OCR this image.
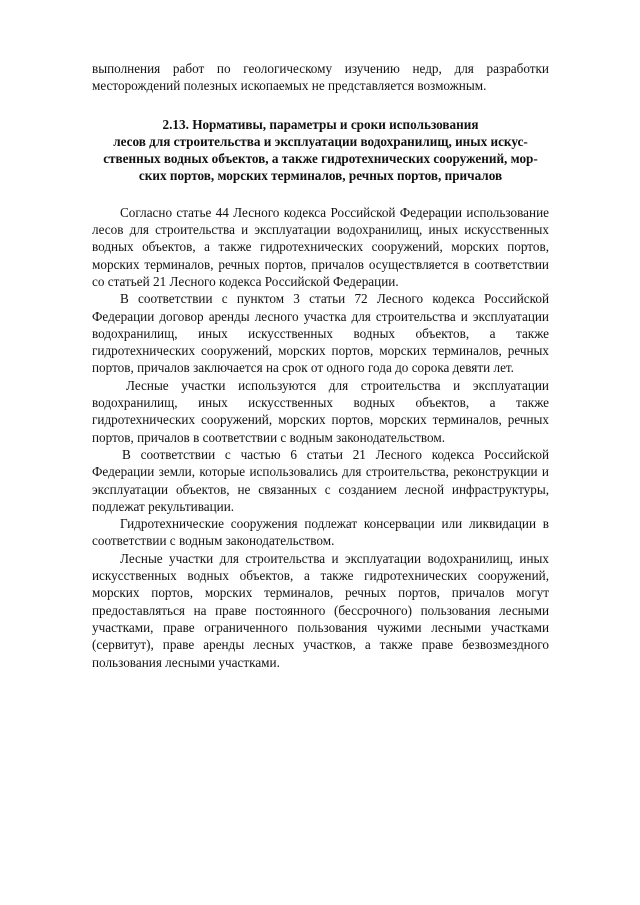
выполнения работ по геологическому изучению недр, для разработки месторождений полезных ископаемых не представляется возможным.

2.13. Нормативы, параметры и сроки использования
лесов для строительства и эксплуатации водохранилищ, иных искус-
ственных водных объектов, а также гидротехнических сооружений, мор-
ских портов, морских терминалов, речных портов, причалов

Согласно статье 44 Лесного кодекса Российской Федерации использование лесов для строительства и эксплуатации водохранилищ, иных искусственных водных объектов, а также гидротехнических сооружений, морских портов, морских терминалов, речных портов, причалов осуществляется в соответствии со статьей 21 Лесного кодекса Российской Федерации.

В соответствии с пунктом 3 статьи 72 Лесного кодекса Российской Федерации договор аренды лесного участка для строительства и эксплуатации водохранилищ, иных искусственных водных объектов, а также гидротехнических сооружений, морских портов, морских терминалов, речных портов, причалов заключается на срок от одного года до сорока девяти лет.

Лесные участки используются для строительства и эксплуатации водохранилищ, иных искусственных водных объектов, а также гидротехнических сооружений, морских портов, морских терминалов, речных портов, причалов в соответствии с водным законодательством.

В соответствии с частью 6 статьи 21 Лесного кодекса Российской Федерации земли, которые использовались для строительства, реконструкции и эксплуатации объектов, не связанных с созданием лесной инфраструктуры, подлежат рекультивации.

Гидротехнические сооружения подлежат консервации или ликвидации в соответствии с водным законодательством.

Лесные участки для строительства и эксплуатации водохранилищ, иных искусственных водных объектов, а также гидротехнических сооружений, морских портов, морских терминалов, речных портов, причалов могут предоставляться на праве постоянного (бессрочного) пользования лесными участками, праве ограниченного пользования чужими лесными участками (сервитут), праве аренды лесных участков, а также праве безвозмездного пользования лесными участками.
